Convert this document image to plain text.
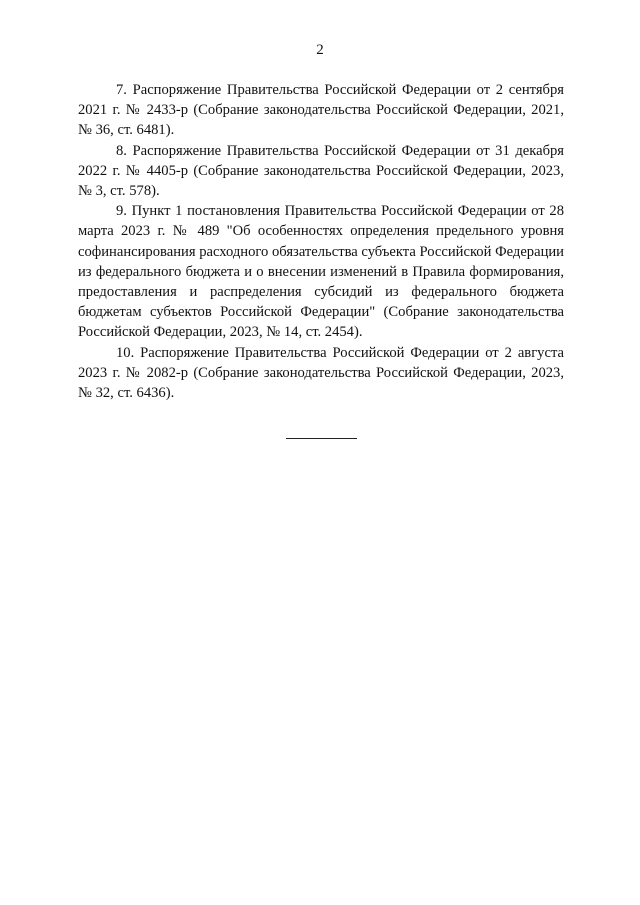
2

7. Распоряжение Правительства Российской Федерации от 2 сентября 2021 г. № 2433-р (Собрание законодательства Российской Федерации, 2021, № 36, ст. 6481).

8. Распоряжение Правительства Российской Федерации от 31 декабря 2022 г. № 4405-р (Собрание законодательства Российской Федерации, 2023, № 3, ст. 578).

9. Пункт 1 постановления Правительства Российской Федерации от 28 марта 2023 г. № 489 "Об особенностях определения предельного уровня софинансирования расходного обязательства субъекта Российской Федерации из федерального бюджета и о внесении изменений в Правила формирования, предоставления и распределения субсидий из федерального бюджета бюджетам субъектов Российской Федерации" (Собрание законодательства Российской Федерации, 2023, № 14, ст. 2454).

10. Распоряжение Правительства Российской Федерации от 2 августа 2023 г. № 2082-р (Собрание законодательства Российской Федерации, 2023, № 32, ст. 6436).
